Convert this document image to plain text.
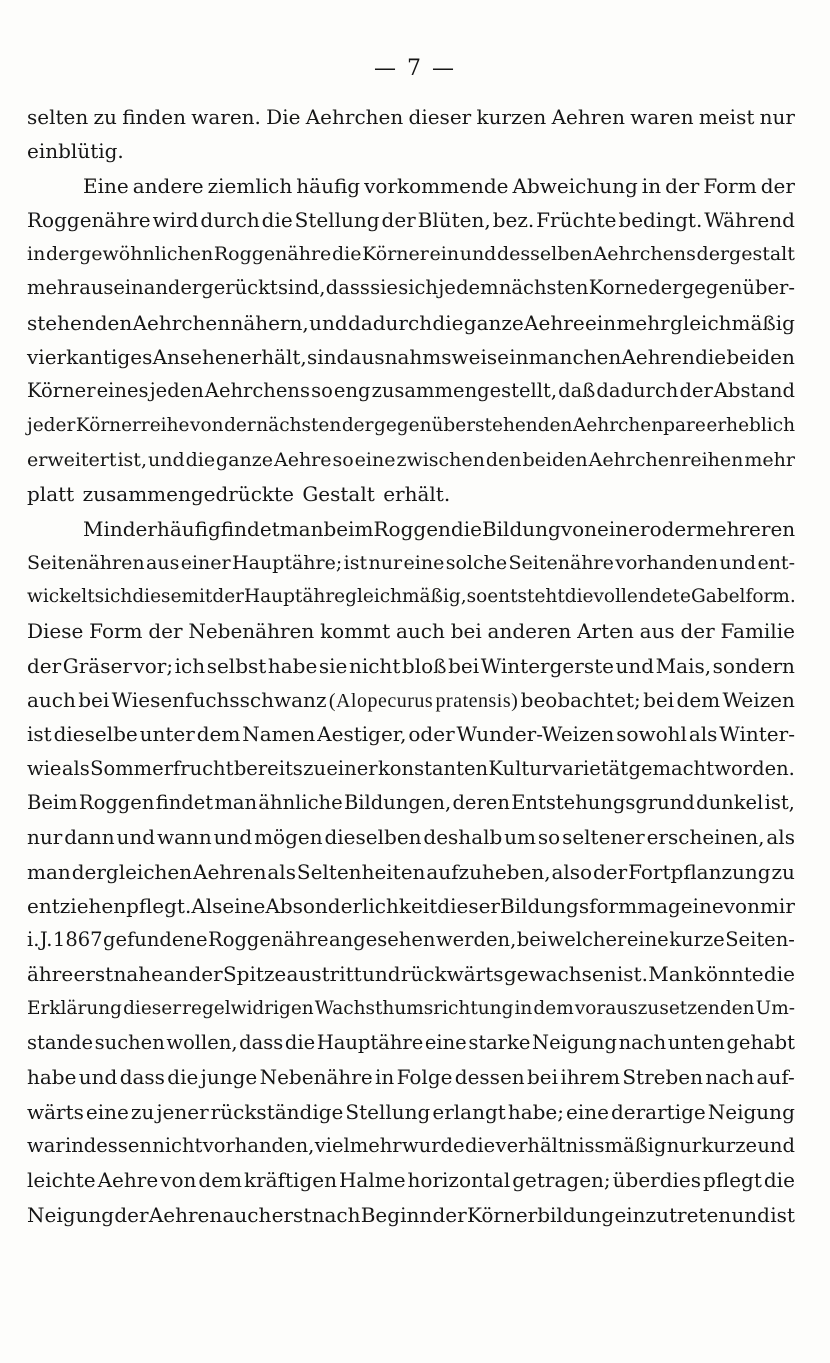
— 7 —
selten zu finden waren. Die Aehrchen dieser kurzen Aehren waren meist nur
einblütig.
Eine andere ziemlich häufig vorkommende Abweichung in der Form der
Roggenähre wird durch die Stellung der Blüten, bez. Früchte bedingt. Während
in der gewöhnlichen Roggenähre die Körner ein und desselben Aehrchens dergestalt
mehr auseinandergerückt sind, dass sie sich je dem nächsten Korne der gegenüber-
stehenden Aehrchen nähern, und dadurch die ganze Aehre ein mehr gleichmäßig
vierkantiges Ansehen erhält, sind ausnahmsweise in manchen Aehren die beiden
Körner eines jeden Aehrchens so eng zusammengestellt, daß dadurch der Abstand
jeder Körnerreihe von der nächsten der gegenüberstehenden Aehrchenpare erheblich
erweitert ist, und die ganze Aehre so eine zwischen den beiden Aehrchenreihen mehr
platt zusammengedrückte Gestalt erhält.
Minder häufig findet man beim Roggen die Bildung von einer oder mehreren
Seitenähren aus einer Hauptähre; ist nur eine solche Seitenähre vorhanden und ent-
wickelt sich diese mit der Hauptähre gleichmäßig, so entsteht die vollendete Gabelform.
Diese Form der Nebenähren kommt auch bei anderen Arten aus der Familie
der Gräser vor; ich selbst habe sie nicht bloß bei Wintergerste und Mais, sondern
auch bei Wiesenfuchsschwanz (Alopecurus pratensis) beobachtet; bei dem Weizen
ist dieselbe unter dem Namen Aestiger, oder Wunder-Weizen sowohl als Winter-
wie als Sommerfrucht bereits zu einer konstanten Kulturvarietät gemacht worden.
Beim Roggen findet man ähnliche Bildungen, deren Entstehungsgrund dunkel ist,
nur dann und wann und mögen dieselben deshalb um so seltener erscheinen, als
man dergleichen Aehren als Seltenheiten aufzuheben, also der Fortpflanzung zu
entziehen pflegt. Als eine Absonderlichkeit dieser Bildungsform mag eine von mir
i. J. 1867 gefundene Roggenähre angesehen werden, bei welcher eine kurze Seiten-
ähre erst nahe an der Spitze austritt und rückwärts gewachsen ist. Man könnte die
Erklärung dieser regelwidrigen Wachsthumsrichtung in dem vorauszusetzenden Um-
stande suchen wollen, dass die Hauptähre eine starke Neigung nach unten gehabt
habe und dass die junge Nebenähre in Folge dessen bei ihrem Streben nach auf-
wärts eine zu jener rückständige Stellung erlangt habe; eine derartige Neigung
war indessen nicht vorhanden, vielmehr wurde die verhältnissmäßig nur kurze und
leichte Aehre von dem kräftigen Halme horizontal getragen; überdies pflegt die
Neigung der Aehren auch erst nach Beginn der Körnerbildung einzutreten und ist
